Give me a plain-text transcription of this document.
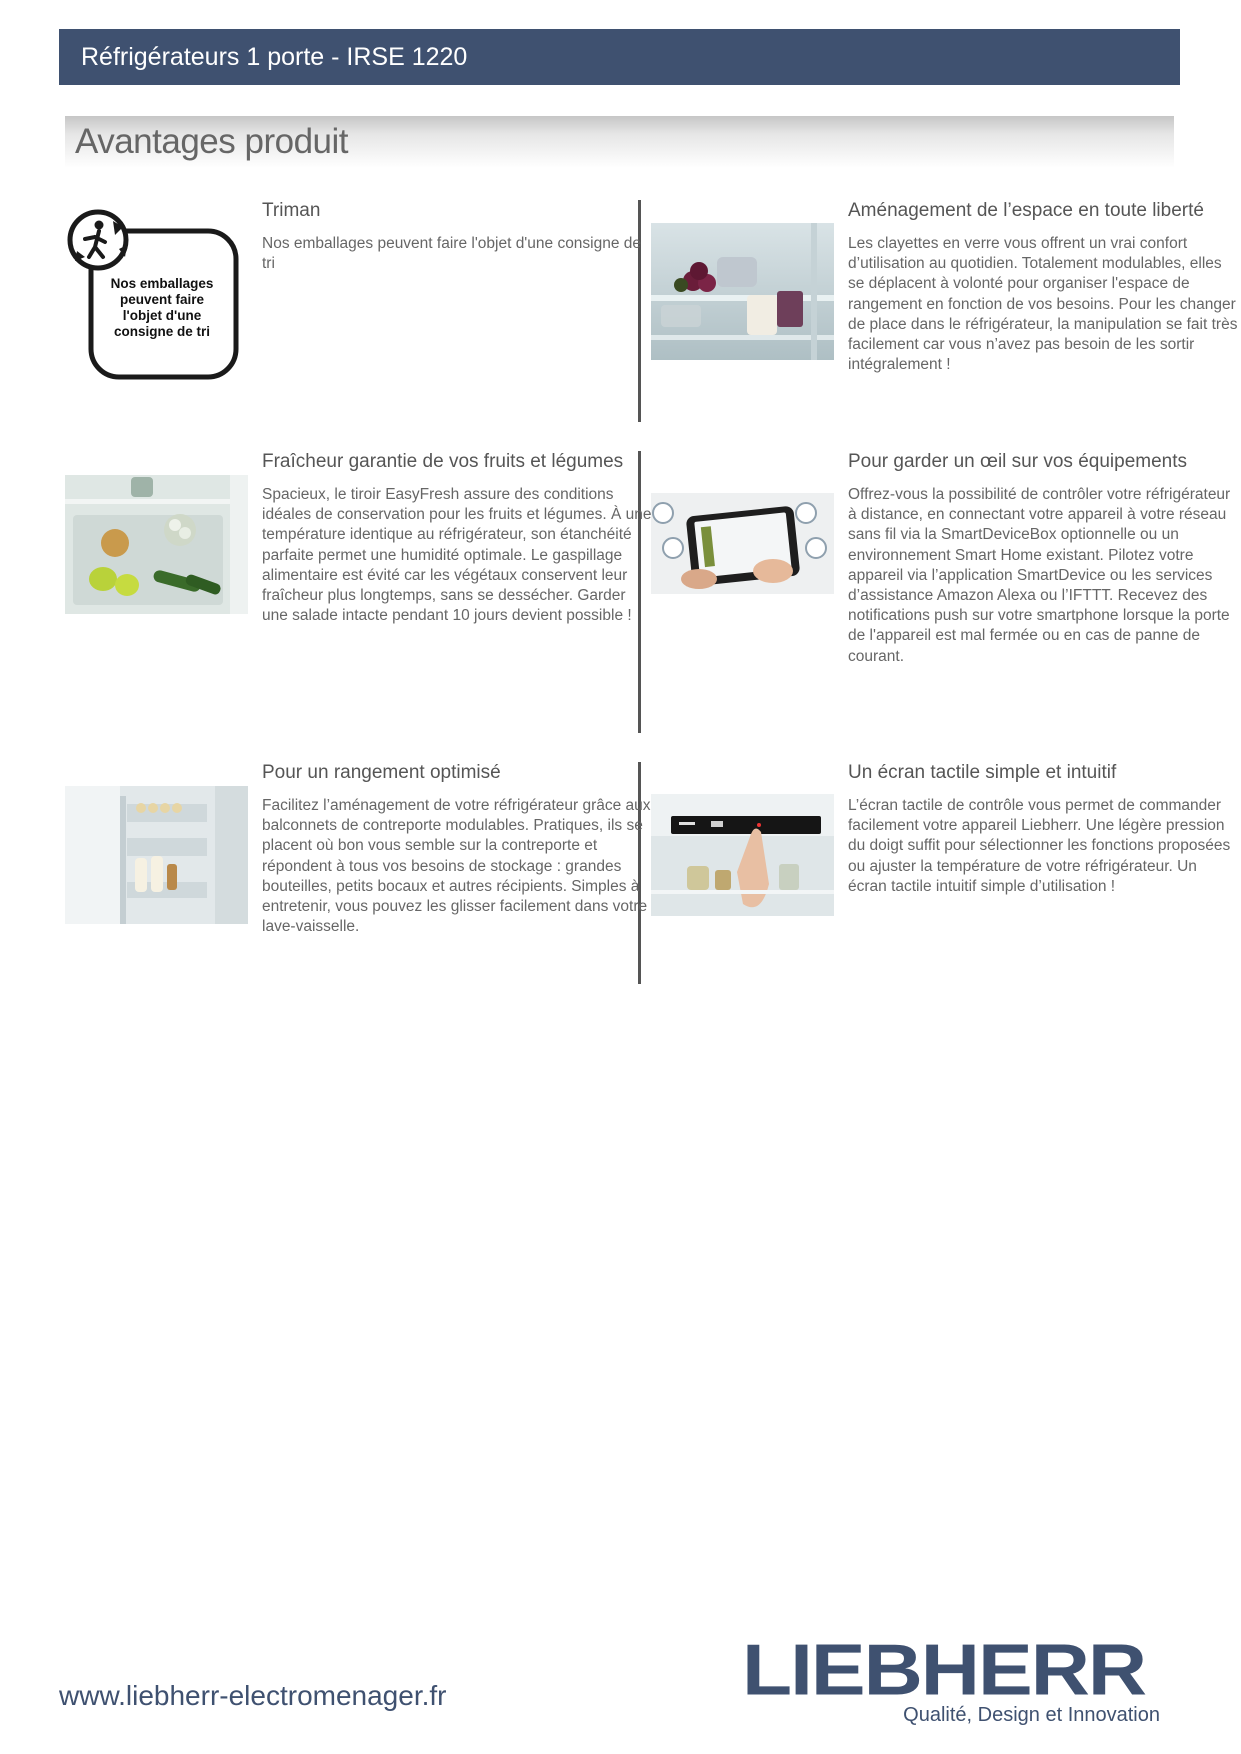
Réfrigérateurs 1 porte - IRSE 1220
Avantages produit
Nos emballages
peuvent faire
l'objet d'une
consigne de tri
Triman

Nos emballages peuvent faire l'objet d'une consigne de tri

Aménagement de l’espace en toute liberté

Les clayettes en verre vous offrent un vrai confort d’utilisation au quotidien. Totalement modulables, elles se déplacent à volonté pour organiser l'espace de rangement en fonction de vos besoins. Pour les changer de place dans le réfrigérateur, la manipulation se fait très facilement car vous n’avez pas besoin de les sortir intégralement !

Fraîcheur garantie de vos fruits et légumes

Spacieux, le tiroir EasyFresh assure des conditions idéales de conservation pour les fruits et légumes. À une température identique au réfrigérateur, son étanchéité parfaite permet une humidité optimale. Le gaspillage alimentaire est évité car les végétaux conservent leur fraîcheur plus longtemps, sans se dessécher. Garder une salade intacte pendant 10 jours devient possible !

Pour garder un œil sur vos équipements

Offrez-vous la possibilité de contrôler votre réfrigérateur à distance, en connectant votre appareil à votre réseau sans fil via la SmartDeviceBox optionnelle ou un environnement Smart Home existant. Pilotez votre appareil via l’application SmartDevice ou les services d’assistance Amazon Alexa ou l’IFTTT. Recevez des notifications push sur votre smartphone lorsque la porte de l'appareil est mal fermée ou en cas de panne de courant.

Pour un rangement optimisé

Facilitez l’aménagement de votre réfrigérateur grâce aux balconnets de contreporte modulables. Pratiques, ils se placent où bon vous semble sur la contreporte et répondent à tous vos besoins de stockage : grandes bouteilles, petits bocaux et autres récipients. Simples à entretenir, vous pouvez les glisser facilement dans votre lave-vaisselle.

Un écran tactile simple et intuitif

L’écran tactile de contrôle vous permet de commander facilement votre appareil Liebherr. Une légère pression du doigt suffit pour sélectionner les fonctions proposées ou ajuster la température de votre réfrigérateur. Un écran tactile intuitif simple d’utilisation !

www.liebherr-electromenager.fr	LIEBHERR
Qualité, Design et Innovation
